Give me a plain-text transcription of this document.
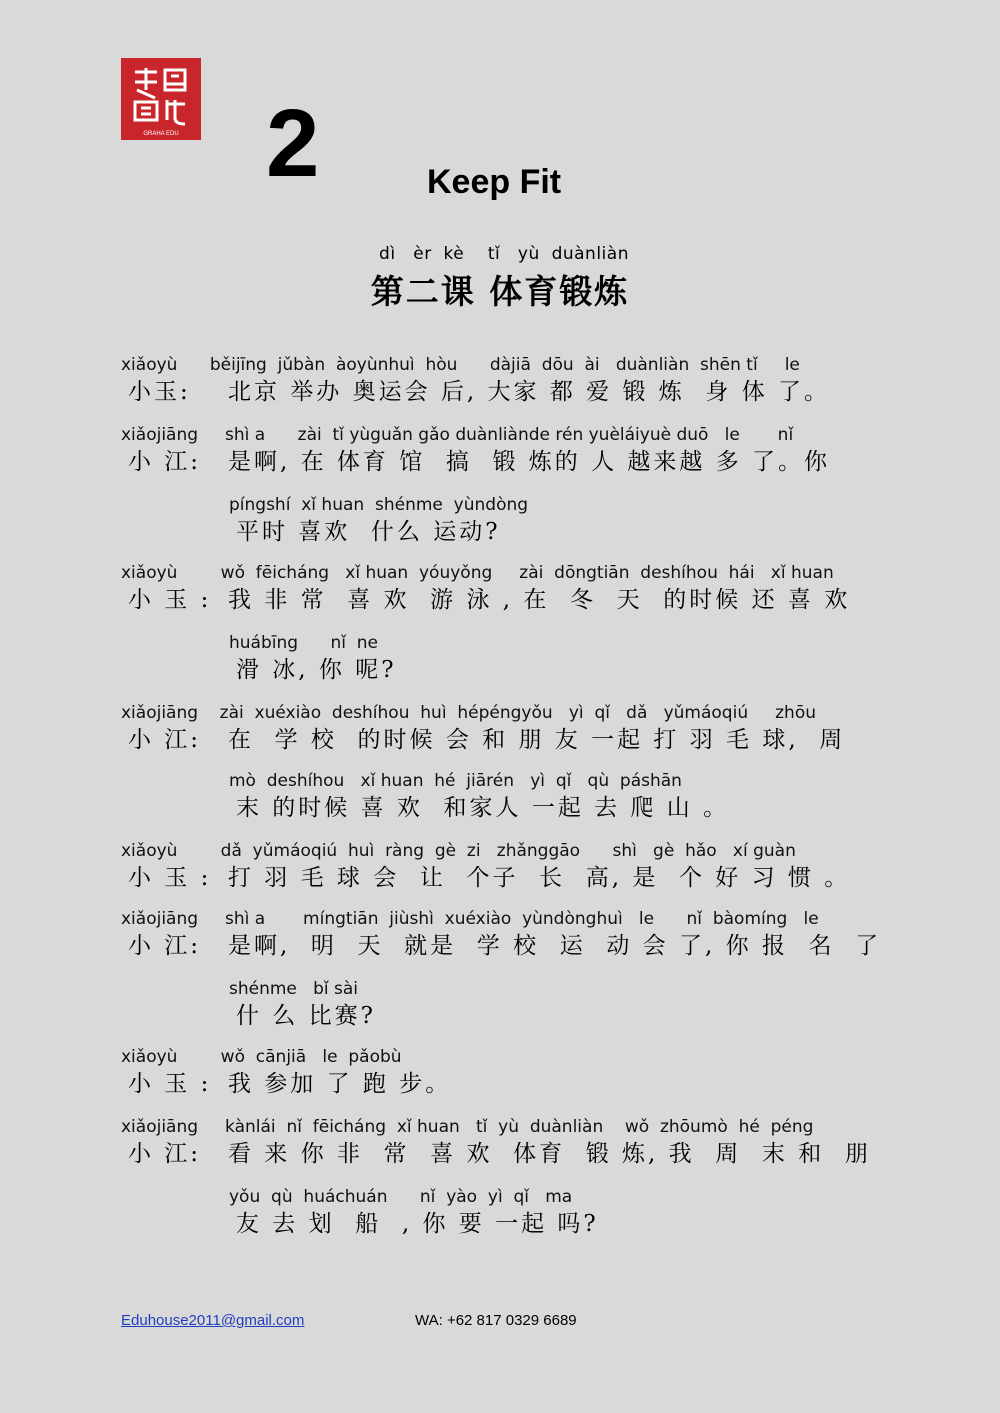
GRAHA EDU 2	Keep Fit
dì   èr  kè    tǐ   yù  duànliàn
第二课 体育锻炼
xiǎoyù      běijīng  jǔbàn  àoyùnhuì  hòu      dàjiā  dōu  ài   duànliàn  shēn tǐ     le
小玉:	北京 举办 奥运会 后, 大家 都 爱 锻 炼  身 体 了。
xiǎojiāng     shì a      zài  tǐ yùguǎn gǎo duànliànde rén yuèláiyuè duō   le       nǐ
小 江:	是啊, 在 体育 馆  搞  锻 炼的 人 越来越 多 了。你
píngshí  xǐ huan  shénme  yùndòng
平时 喜欢  什么 运动?
xiǎoyù        wǒ  fēicháng   xǐ huan  yóuyǒng     zài  dōngtiān  deshíhou  hái   xǐ huan
小 玉 : 我 非 常  喜 欢  游 泳 , 在  冬  天  的时候 还 喜 欢
huábīng      nǐ  ne
滑 冰, 你 呢?
xiǎojiāng    zài  xuéxiào  deshíhou  huì  hépéngyǒu   yì  qǐ   dǎ   yǔmáoqiú     zhōu
小 江:	在  学 校  的时候 会 和 朋 友 一起 打 羽 毛 球,  周
mò  deshíhou   xǐ huan  hé  jiārén   yì  qǐ   qù  páshān
末 的时候 喜 欢  和家人 一起 去 爬 山 。
xiǎoyù        dǎ  yǔmáoqiú  huì  ràng  gè  zi   zhǎnggāo      shì   gè  hǎo   xí guàn
小 玉 : 打 羽 毛 球 会  让  个子  长  高, 是  个 好 习 惯 。
xiǎojiāng     shì a       míngtiān  jiùshì  xuéxiào  yùndònghuì   le      nǐ  bàomíng   le
小 江:	是啊,  明  天  就是  学 校  运  动 会 了, 你 报  名  了
shénme   bǐ sài
什 么 比赛?
xiǎoyù        wǒ  cānjiā   le  pǎobù
小 玉 : 我 参加 了 跑 步。
xiǎojiāng     kànlái  nǐ  fēicháng  xǐ huan   tǐ  yù  duànliàn    wǒ  zhōumò  hé  péng
小 江:	看 来 你 非  常  喜 欢  体育  锻 炼, 我  周  末 和  朋
yǒu  qù  huáchuán      nǐ  yào  yì  qǐ   ma
友 去 划  船  , 你 要 一起 吗?
Eduhouse2011@gmail.com	WA: +62 817 0329 6689
